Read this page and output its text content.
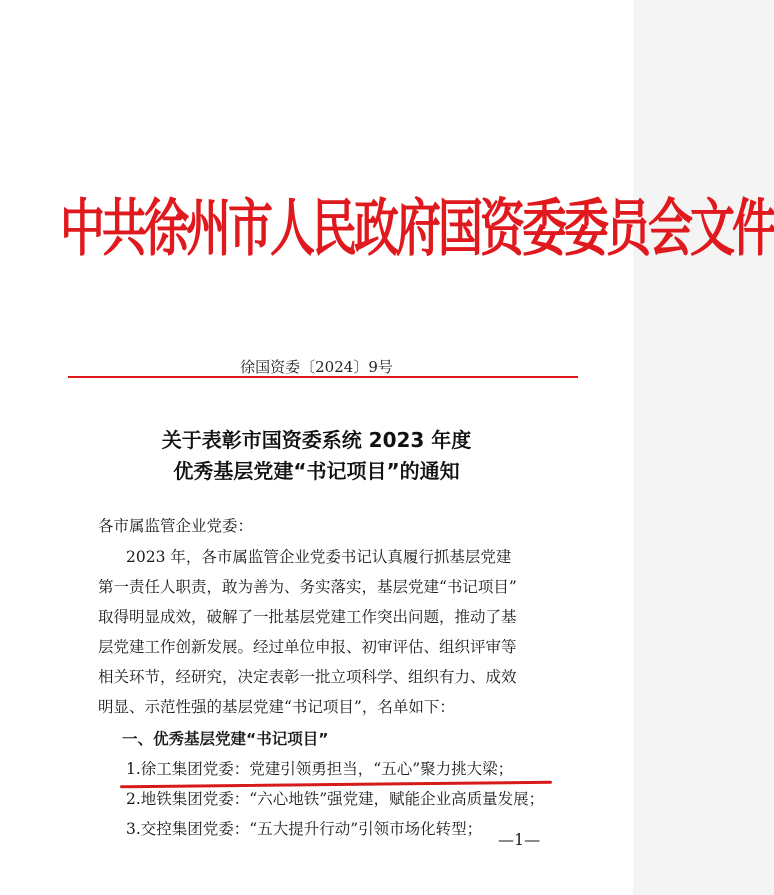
中共徐州市人民政府国资委委员会文件
徐国资委〔2024〕9号
关于表彰市国资委系统 2023 年度
优秀基层党建“书记项目”的通知
各市属监管企业党委：
2023 年，各市属监管企业党委书记认真履行抓基层党建
第一责任人职责，敢为善为、务实落实，基层党建“书记项目”
取得明显成效，破解了一批基层党建工作突出问题，推动了基
层党建工作创新发展。经过单位申报、初审评估、组织评审等
相关环节，经研究，决定表彰一批立项科学、组织有力、成效
明显、示范性强的基层党建“书记项目”，名单如下：
一、优秀基层党建“书记项目”
1.徐工集团党委：党建引领勇担当，“五心”聚力挑大梁；
2.地铁集团党委：“六心地铁”强党建，赋能企业高质量发展；
3.交控集团党委：“五大提升行动”引领市场化转型；
—1—
